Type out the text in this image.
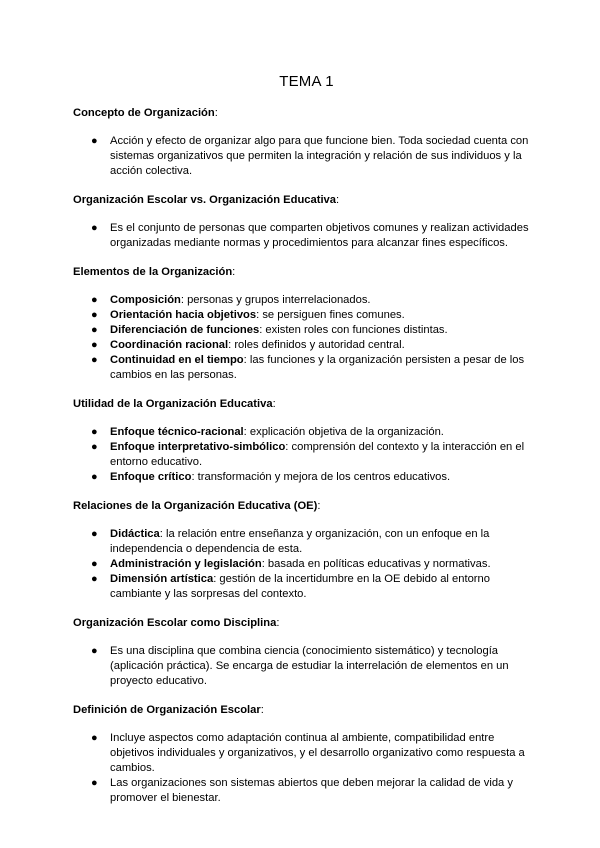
TEMA 1
Concepto de Organización:
● Acción y efecto de organizar algo para que funcione bien. Toda sociedad cuenta con sistemas organizativos que permiten la integración y relación de sus individuos y la acción colectiva.
Organización Escolar vs. Organización Educativa:
● Es el conjunto de personas que comparten objetivos comunes y realizan actividades organizadas mediante normas y procedimientos para alcanzar fines específicos.
Elementos de la Organización:
● Composición: personas y grupos interrelacionados.
● Orientación hacia objetivos: se persiguen fines comunes.
● Diferenciación de funciones: existen roles con funciones distintas.
● Coordinación racional: roles definidos y autoridad central.
● Continuidad en el tiempo: las funciones y la organización persisten a pesar de los cambios en las personas.
Utilidad de la Organización Educativa:
● Enfoque técnico-racional: explicación objetiva de la organización.
● Enfoque interpretativo-simbólico: comprensión del contexto y la interacción en el entorno educativo.
● Enfoque crítico: transformación y mejora de los centros educativos.
Relaciones de la Organización Educativa (OE):
● Didáctica: la relación entre enseñanza y organización, con un enfoque en la independencia o dependencia de esta.
● Administración y legislación: basada en políticas educativas y normativas.
● Dimensión artística: gestión de la incertidumbre en la OE debido al entorno cambiante y las sorpresas del contexto.
Organización Escolar como Disciplina:
● Es una disciplina que combina ciencia (conocimiento sistemático) y tecnología (aplicación práctica). Se encarga de estudiar la interrelación de elementos en un proyecto educativo.
Definición de Organización Escolar:
● Incluye aspectos como adaptación continua al ambiente, compatibilidad entre objetivos individuales y organizativos, y el desarrollo organizativo como respuesta a cambios.
● Las organizaciones son sistemas abiertos que deben mejorar la calidad de vida y promover el bienestar.
